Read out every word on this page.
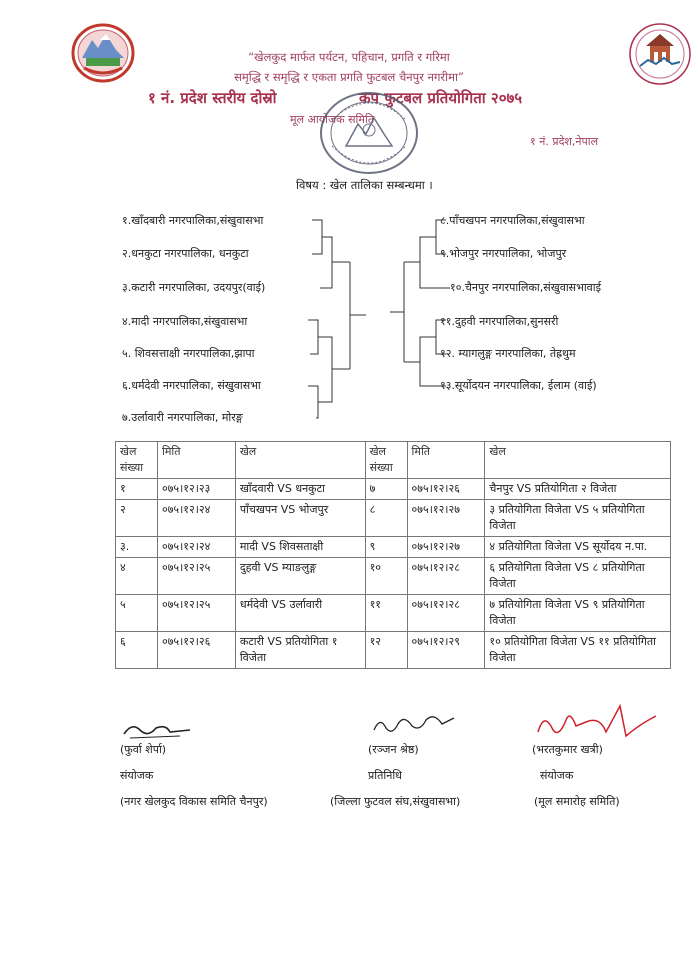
“खेलकुद मार्फत पर्यटन, पहिचान, प्रगति र गरिमा
समृद्धि र समृद्धि र एकता प्रगति फुटबल चैनपुर नगरीमा”
१ नं. प्रदेश स्तरीय दोस्रो	कप फुटबल प्रतियोगिता २०७५
मूल आयोजक समिति
१ नं. प्रदेश,नेपाल
विषय : खेल तालिका सम्बन्धमा ।
१.खाँदबारी नगरपालिका,संखुवासभा
२.धनकुटा नगरपालिका, धनकुटा
३.कटारी नगरपालिका, उदयपुर(वाई)
४.मादी नगरपालिका,संखुवासभा
५. शिवसत्ताक्षी नगरपालिका,झापा
६.धर्मदेवी नगरपालिका, संखुवासभा
७.उर्लावारी नगरपालिका, मोरङ्ग
८.पाँचखपन नगरपालिका,संखुवासभा
९.भोजपुर नगरपालिका, भोजपुर
१०.चैनपुर नगरपालिका,संखुवासभावाई
११.दुहवी नगरपालिका,सुनसरी
१२. म्यागलुङ्ग नगरपालिका, तेह्रथुम
१३.सूर्योदयन नगरपालिका, ईलाम (वाई)
खेल संख्या	मिति	खेल	खेल संख्या	मिति	खेल
१	०७५।१२।२३	खाँदवारी VS धनकुटा	७	०७५।१२।२६	चैनपुर VS प्रतियोगिता २ विजेता
२	०७५।१२।२४	पाँचखपन VS भोजपुर	८	०७५।१२।२७	३ प्रतियोगिता विजेता VS ५ प्रतियोगिता विजेता
३.	०७५।१२।२४	मादी VS शिवसताक्षी	९	०७५।१२।२७	४ प्रतियोगिता विजेता VS सूर्योदय न.पा.
४	०७५।१२।२५	दुहवी VS म्याङलुङ्ग	१०	०७५।१२।२८	६ प्रतियोगिता विजेता VS ८ प्रतियोगिता विजेता
५	०७५।१२।२५	धर्मदेवी VS उर्लावारी	११	०७५।१२।२८	७ प्रतियोगिता विजेता VS ९ प्रतियोगिता विजेता
६	०७५।१२।२६	कटारी VS प्रतियोगिता १ विजेता	१२	०७५।१२।२९	१० प्रतियोगिता विजेता VS ११ प्रतियोगिता विजेता
(फुर्वा शेर्पा)
संयोजक
(नगर खेलकुद विकास समिति चैनपुर)
(रञ्जन श्रेष्ठ)
प्रतिनिधि
(जिल्ला फुटवल संघ,संखुवासभा)
(भरतकुमार खत्री)
संयोजक
(मूल समारोह समिति)
